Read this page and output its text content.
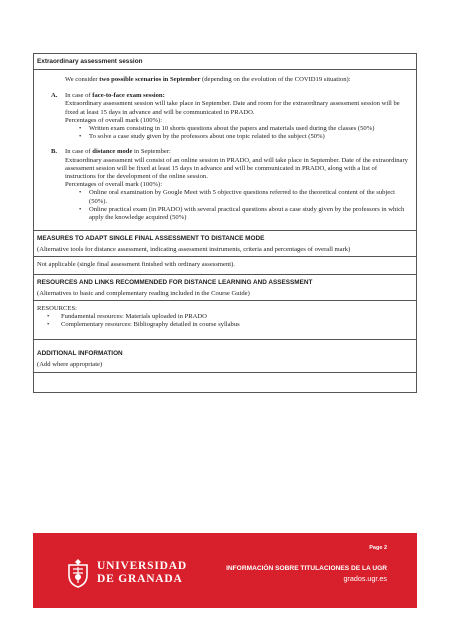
Extraordinary assessment session
We consider two possible scenarios in September (depending on the evolution of the COVID19 situation):
A. In case of face-to-face exam session:
Extraordinary assessment session will take place in September. Date and room for the extraordinary assessment session will be fixed at least 15 days in advance and will be communicated in PRADO.
Percentages of overall mark (100%):
• Written exam consisting in 10 shorts questions about the papers and materials used during the classes (50%)
• To solve a case study given by the professors about one topic related to the subject (50%)
B. In case of distance mode in September:
Extraordinary assessment will consist of an online session in PRADO, and will take place in September. Date of the extraordinary assessment session will be fixed at least 15 days in advance and will be communicated in PRADO, along with a list of instructions for the development of the online session.
Percentages of overall mark (100%):
• Online oral examination by Google Meet with 5 objective questions referred to the theoretical content of the subject (50%).
• Online practical exam (in PRADO) with several practical questions about a case study given by the professors in which apply the knowledge acquired (50%)
MEASURES TO ADAPT SINGLE FINAL ASSESSMENT TO DISTANCE MODE
(Alternative tools for distance assessment, indicating assessment instruments, criteria and percentages of overall mark)
Not applicable (single final assessment finished with ordinary assessment).
RESOURCES AND LINKS RECOMMENDED FOR DISTANCE LEARNING AND ASSESSMENT
(Alternatives to basic and complementary reading included in the Course Guide)
RESOURCES:
• Fundamental resources: Materials uploaded in PRADO
• Complementary resources: Bibliography detailed in course syllabus
ADDITIONAL INFORMATION
(Add where appropriate)
UNIVERSIDAD
DE GRANADA
Page 2
INFORMACIÓN SOBRE TITULACIONES DE LA UGR
grados.ugr.es
